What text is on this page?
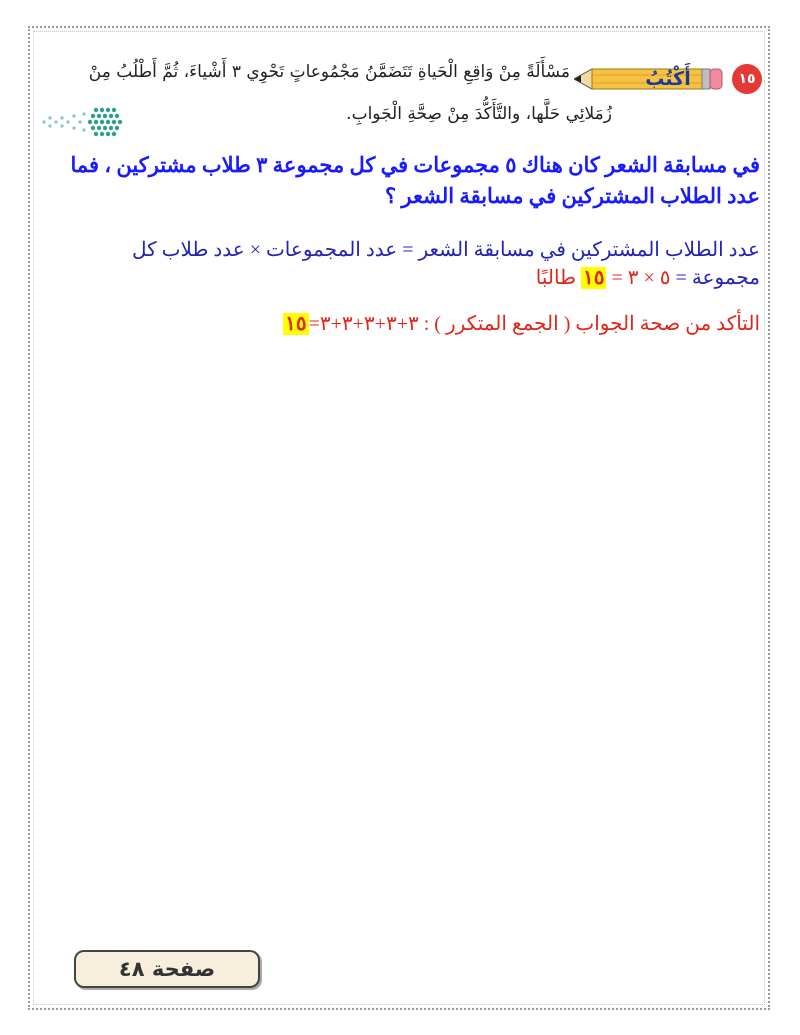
١٥
أَكْتُبُ
مَسْأَلَةً مِنْ وَاقِعِ الْحَياةِ تَتَضَمَّنُ مَجْمُوعاتٍ تَحْوِي ٣ أَشْياءَ، ثُمَّ أَطْلُبُ مِنْ
زُمَلائِي حَلَّها، والتَّأَكُّدَ مِنْ صِحَّةِ الْجَوابِ.
في مسابقة الشعر كان هناك ٥ مجموعات في كل مجموعة ٣ طلاب مشتركين ، فما عدد الطلاب المشتركين في مسابقة الشعر ؟
عدد الطلاب المشتركين في مسابقة الشعر = عدد المجموعات × عدد طلاب كل
مجموعة = ٥ × ٣ = ١٥ طالبًا
التأكد من صحة الجواب ( الجمع المتكرر ) : ٣+٣+٣+٣+٣=١٥
صفحة ٤٨
